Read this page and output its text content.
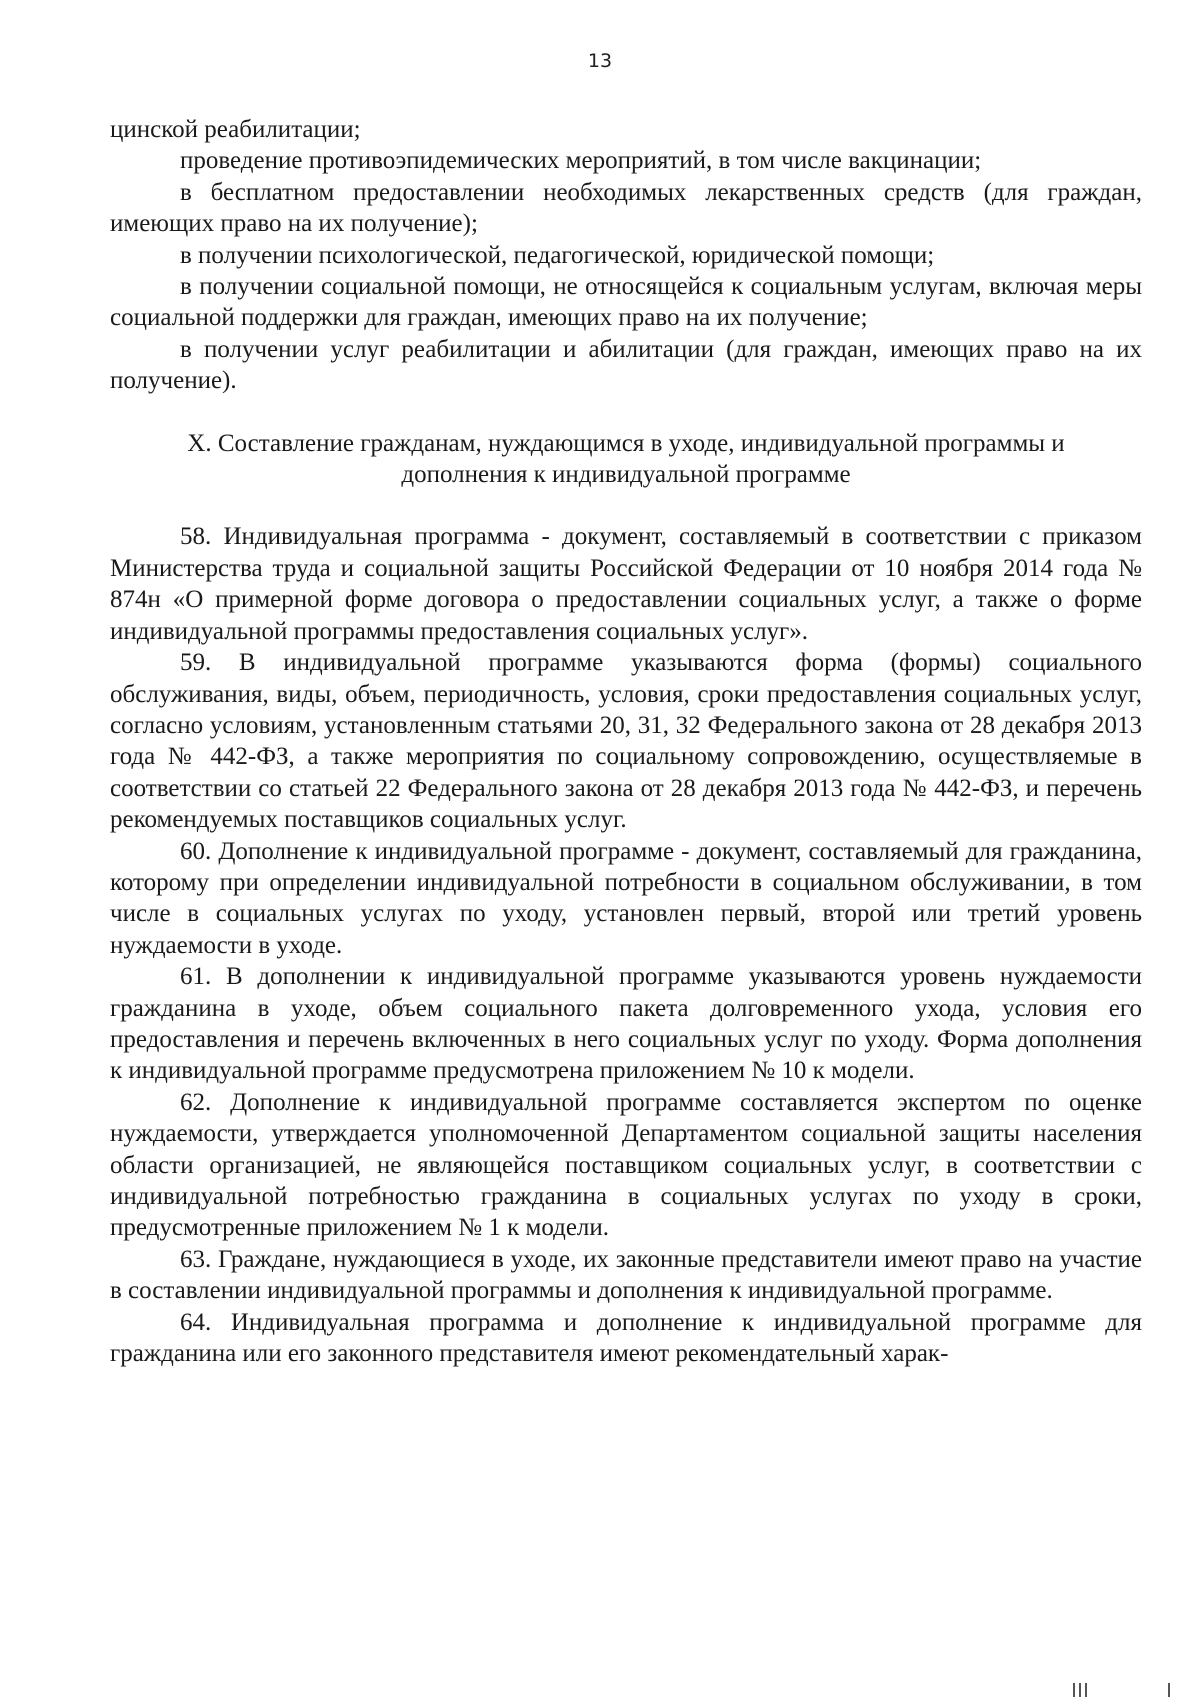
13

цинской реабилитации;

проведение противоэпидемических мероприятий, в том числе вакцинации;

в бесплатном предоставлении необходимых лекарственных средств (для граждан, имеющих право на их получение);

в получении психологической, педагогической, юридической помощи;

в получении социальной помощи, не относящейся к социальным услугам, включая меры социальной поддержки для граждан, имеющих право на их получение;

в получении услуг реабилитации и абилитации (для граждан, имеющих право на их получение).

X. Составление гражданам, нуждающимся в уходе, индивидуальной программы и дополнения к индивидуальной программе

58. Индивидуальная программа - документ, составляемый в соответствии с приказом Министерства труда и социальной защиты Российской Федерации от 10 ноября 2014 года № 874н «О примерной форме договора о предоставлении социальных услуг, а также о форме индивидуальной программы предоставления социальных услуг».

59. В индивидуальной программе указываются форма (формы) социального обслуживания, виды, объем, периодичность, условия, сроки предоставления социальных услуг, согласно условиям, установленным статьями 20, 31, 32 Федерального закона от 28 декабря 2013 года № 442-ФЗ, а также мероприятия по социальному сопровождению, осуществляемые в соответствии со статьей 22 Федерального закона от 28 декабря 2013 года № 442-ФЗ, и перечень рекомендуемых поставщиков социальных услуг.

60. Дополнение к индивидуальной программе - документ, составляемый для гражданина, которому при определении индивидуальной потребности в социальном обслуживании, в том числе в социальных услугах по уходу, установлен первый, второй или третий уровень нуждаемости в уходе.

61. В дополнении к индивидуальной программе указываются уровень нуждаемости гражданина в уходе, объем социального пакета долговременного ухода, условия его предоставления и перечень включенных в него социальных услуг по уходу. Форма дополнения к индивидуальной программе предусмотрена приложением № 10 к модели.

62. Дополнение к индивидуальной программе составляется экспертом по оценке нуждаемости, утверждается уполномоченной Департаментом социальной защиты населения области организацией, не являющейся поставщиком социальных услуг, в соответствии с индивидуальной потребностью гражданина в социальных услугах по уходу в сроки, предусмотренные приложением № 1 к модели.

63. Граждане, нуждающиеся в уходе, их законные представители имеют право на участие в составлении индивидуальной программы и дополнения к индивидуальной программе.

64. Индивидуальная программа и дополнение к индивидуальной программе для гражданина или его законного представителя имеют рекомендательный харак-
